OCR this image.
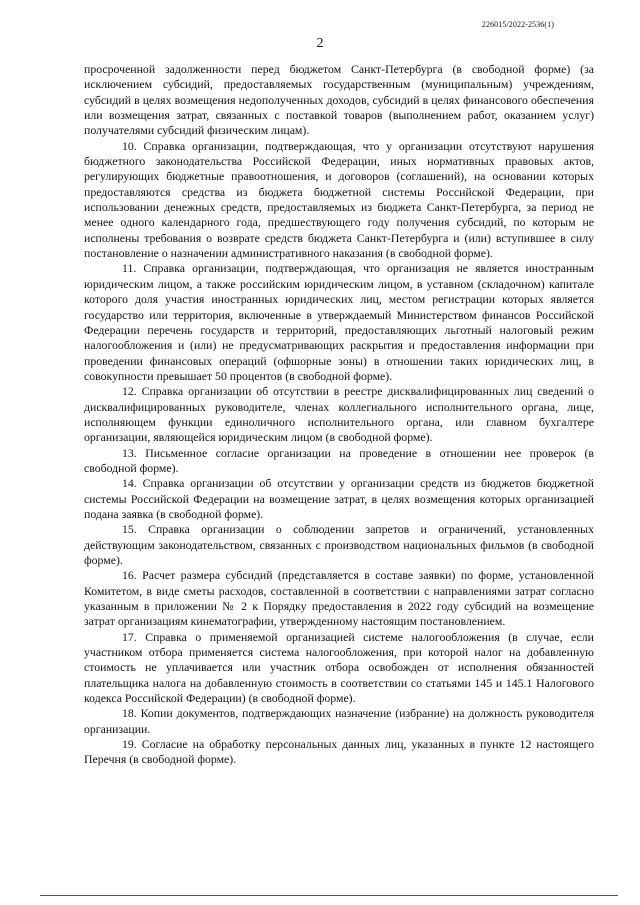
226015/2022-2536(1)
2

просроченной задолженности перед бюджетом Санкт-Петербурга (в свободной форме) (за исключением субсидий, предоставляемых государственным (муниципальным) учреждениям, субсидий в целях возмещения недополученных доходов, субсидий в целях финансового обеспечения или возмещения затрат, связанных с поставкой товаров (выполнением работ, оказанием услуг) получателями субсидий физическим лицам).

10. Справка организации, подтверждающая, что у организации отсутствуют нарушения бюджетного законодательства Российской Федерации, иных нормативных правовых актов, регулирующих бюджетные правоотношения, и договоров (соглашений), на основании которых предоставляются средства из бюджета бюджетной системы Российской Федерации, при использовании денежных средств, предоставляемых из бюджета Санкт-Петербурга, за период не менее одного календарного года, предшествующего году получения субсидий, по которым не исполнены требования о возврате средств бюджета Санкт-Петербурга и (или) вступившее в силу постановление о назначении административного наказания (в свободной форме).

11. Справка организации, подтверждающая, что организация не является иностранным юридическим лицом, а также российским юридическим лицом, в уставном (складочном) капитале которого доля участия иностранных юридических лиц, местом регистрации которых является государство или территория, включенные в утверждаемый Министерством финансов Российской Федерации перечень государств и территорий, предоставляющих льготный налоговый режим налогообложения и (или) не предусматривающих раскрытия и предоставления информации при проведении финансовых операций (офшорные зоны) в отношении таких юридических лиц, в совокупности превышает 50 процентов (в свободной форме).

12. Справка организации об отсутствии в реестре дисквалифицированных лиц сведений о дисквалифицированных руководителе, членах коллегиального исполнительного органа, лице, исполняющем функции единоличного исполнительного органа, или главном бухгалтере организации, являющейся юридическим лицом (в свободной форме).

13. Письменное согласие организации на проведение в отношении нее проверок (в свободной форме).

14. Справка организации об отсутствии у организации средств из бюджетов бюджетной системы Российской Федерации на возмещение затрат, в целях возмещения которых организацией подана заявка (в свободной форме).

15. Справка организации о соблюдении запретов и ограничений, установленных действующим законодательством, связанных с производством национальных фильмов (в свободной форме).

16. Расчет размера субсидий (представляется в составе заявки) по форме, установленной Комитетом, в виде сметы расходов, составленной в соответствии с направлениями затрат согласно указанным в приложении № 2 к Порядку предоставления в 2022 году субсидий на возмещение затрат организациям кинематографии, утвержденному настоящим постановлением.

17. Справка о применяемой организацией системе налогообложения (в случае, если участником отбора применяется система налогообложения, при которой налог на добавленную стоимость не уплачивается или участник отбора освобожден от исполнения обязанностей плательщика налога на добавленную стоимость в соответствии со статьями 145 и 145.1 Налогового кодекса Российской Федерации) (в свободной форме).

18. Копии документов, подтверждающих назначение (избрание) на должность руководителя организации.

19. Согласие на обработку персональных данных лиц, указанных в пункте 12 настоящего Перечня (в свободной форме).
